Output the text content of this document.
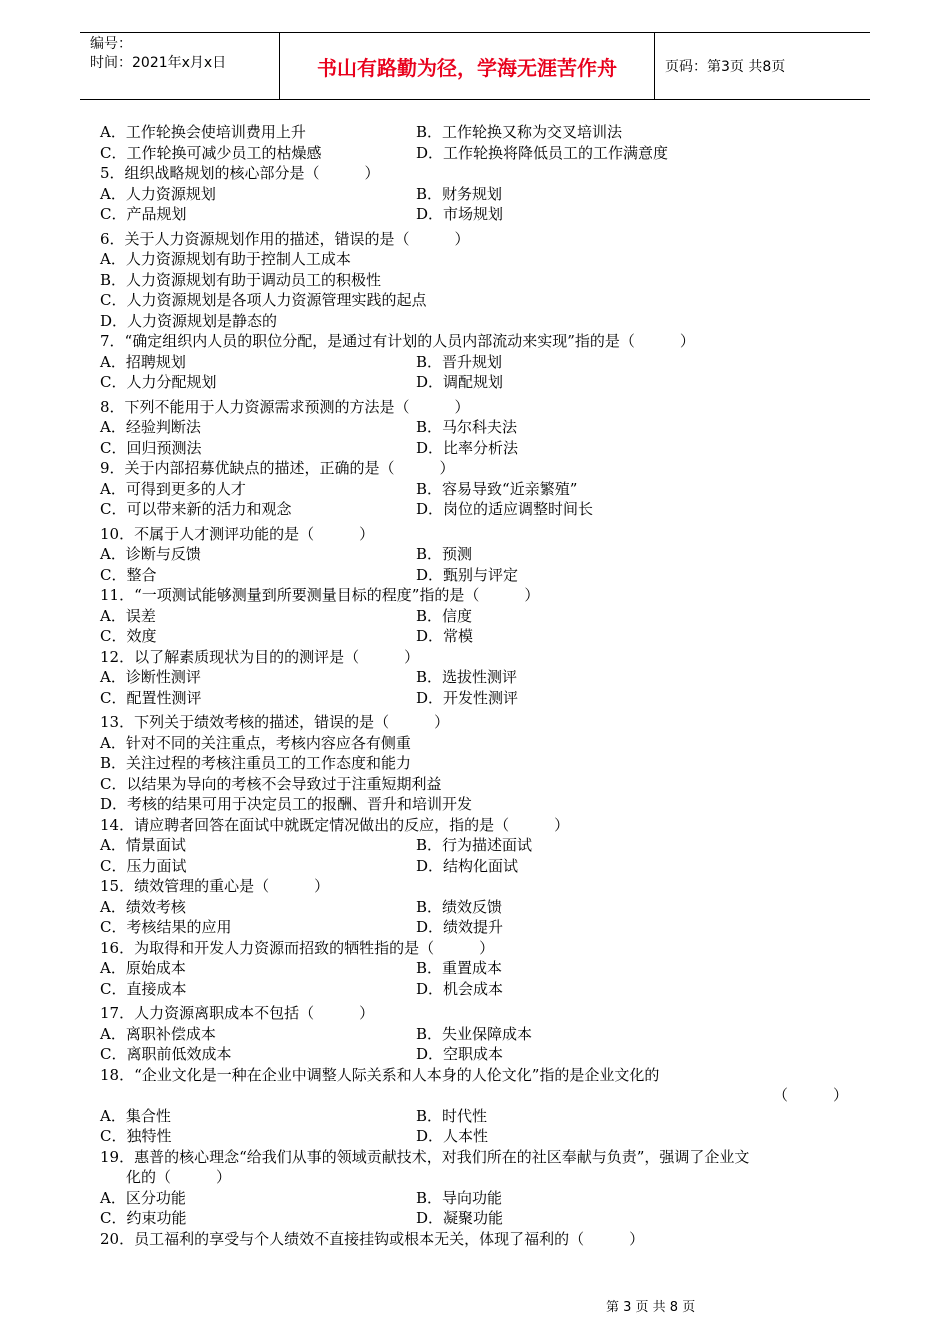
编号：
时间：2021年x月x日	书山有路勤为径，学海无涯苦作舟	页码：第3页 共8页
A．工作轮换会使培训费用上升	B．工作轮换又称为交叉培训法
C．工作轮换可减少员工的枯燥感	D．工作轮换将降低员工的工作满意度
5．组织战略规划的核心部分是（　　　）
A．人力资源规划	B．财务规划
C．产品规划	D．市场规划
6．关于人力资源规划作用的描述，错误的是（　　　）
A．人力资源规划有助于控制人工成本
B．人力资源规划有助于调动员工的积极性
C．人力资源规划是各项人力资源管理实践的起点
D．人力资源规划是静态的
7．“确定组织内人员的职位分配，是通过有计划的人员内部流动来实现”指的是（　　　）
A．招聘规划	B．晋升规划
C．人力分配规划	D．调配规划
8．下列不能用于人力资源需求预测的方法是（　　　）
A．经验判断法	B．马尔科夫法
C．回归预测法	D．比率分析法
9．关于内部招募优缺点的描述，正确的是（　　　）
A．可得到更多的人才	B．容易导致“近亲繁殖”
C．可以带来新的活力和观念	D．岗位的适应调整时间长
10．不属于人才测评功能的是（　　　）
A．诊断与反馈	B．预测
C．整合	D．甄别与评定
11．“一项测试能够测量到所要测量目标的程度”指的是（　　　）
A．误差	B．信度
C．效度	D．常模
12．以了解素质现状为目的的测评是（　　　）
A．诊断性测评	B．选拔性测评
C．配置性测评	D．开发性测评
13．下列关于绩效考核的描述，错误的是（　　　）
A．针对不同的关注重点，考核内容应各有侧重
B．关注过程的考核注重员工的工作态度和能力
C．以结果为导向的考核不会导致过于注重短期利益
D．考核的结果可用于决定员工的报酬、晋升和培训开发
14．请应聘者回答在面试中就既定情况做出的反应，指的是（　　　）
A．情景面试	B．行为描述面试
C．压力面试	D．结构化面试
15．绩效管理的重心是（　　　）
A．绩效考核	B．绩效反馈
C．考核结果的应用	D．绩效提升
16．为取得和开发人力资源而招致的牺牲指的是（　　　）
A．原始成本	B．重置成本
C．直接成本	D．机会成本
17．人力资源离职成本不包括（　　　）
A．离职补偿成本	B．失业保障成本
C．离职前低效成本	D．空职成本
18．“企业文化是一种在企业中调整人际关系和人本身的人伦文化”指的是企业文化的
（　　　）
A．集合性	B．时代性
C．独特性	D．人本性
19．惠普的核心理念“给我们从事的领域贡献技术，对我们所在的社区奉献与负责”，强调了企业文
化的（　　　）
A．区分功能	B．导向功能
C．约束功能	D．凝聚功能
20．员工福利的享受与个人绩效不直接挂钩或根本无关，体现了福利的（　　　）
第 3 页 共 8 页
